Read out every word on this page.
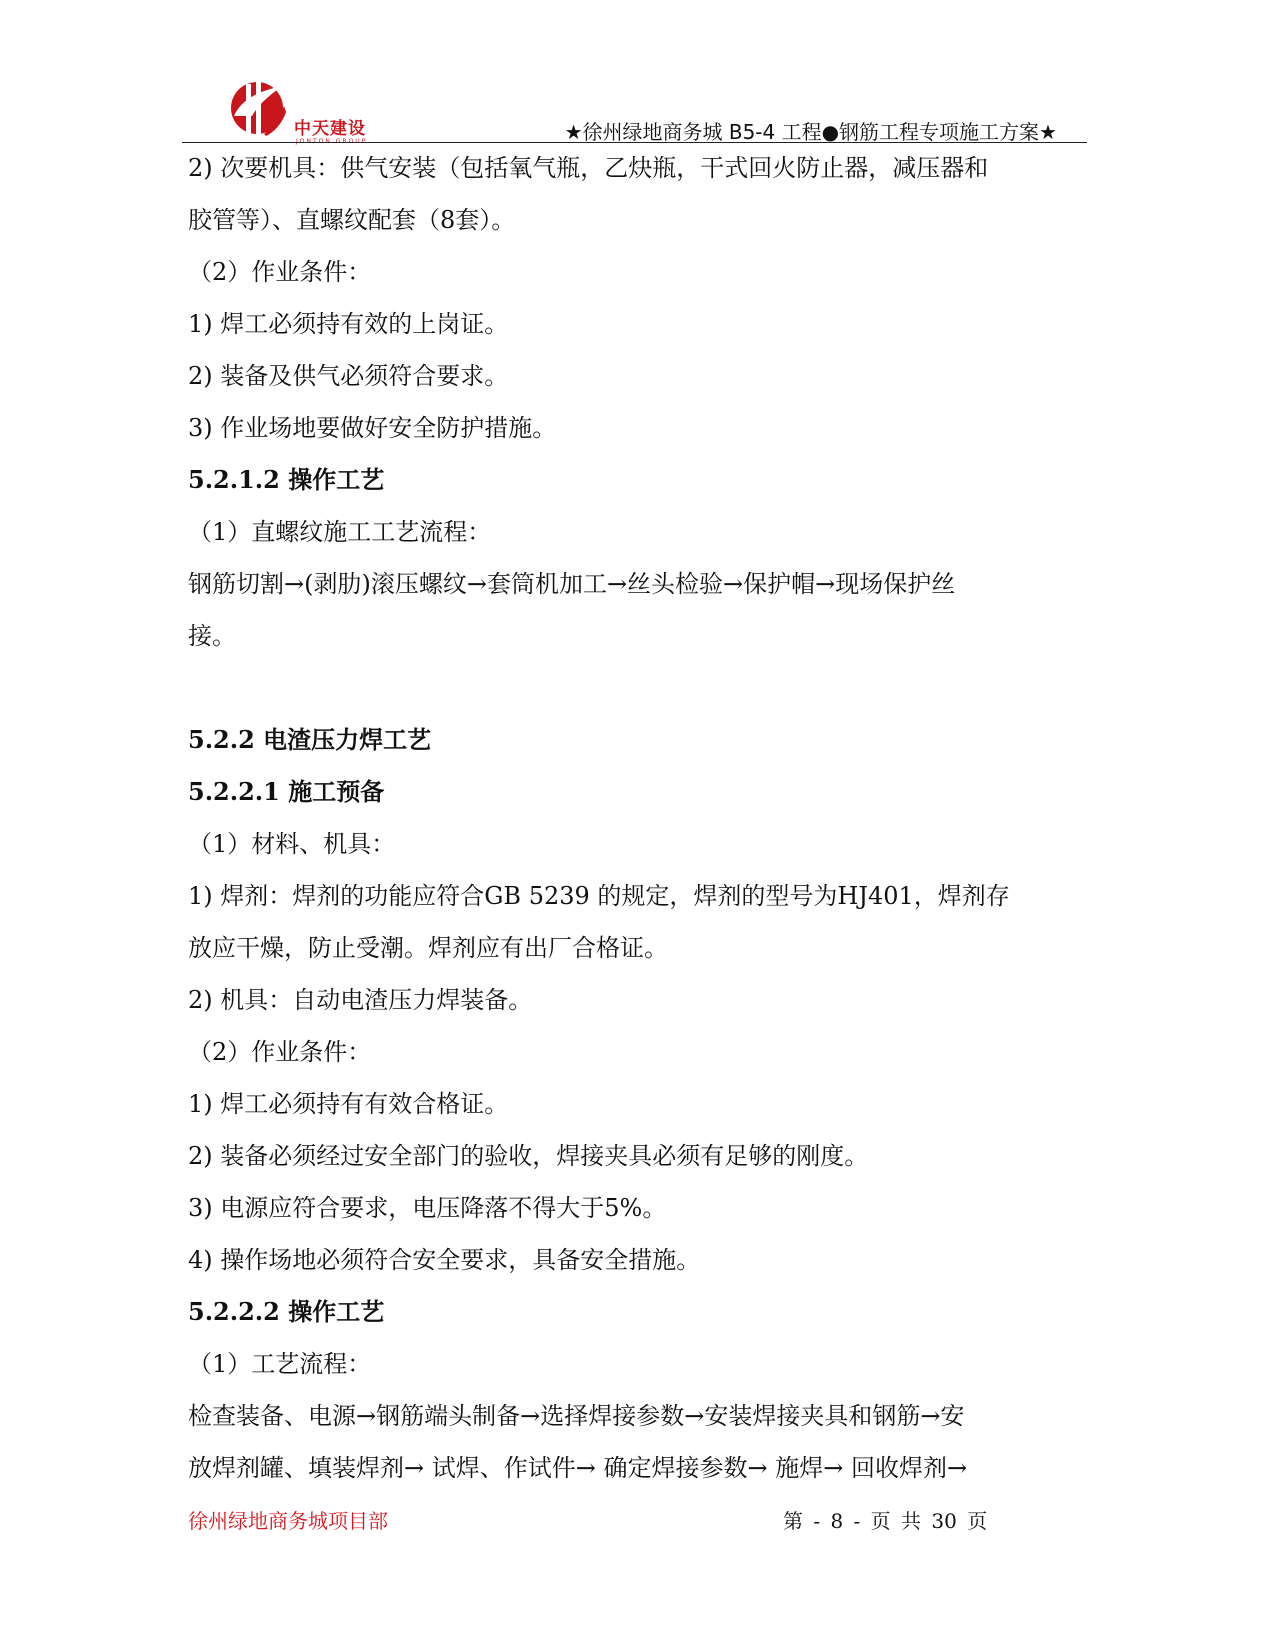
中天建设
JONTON GROUP	★徐州绿地商务城 B5-4 工程●钢筋工程专项施工方案★
2) 次要机具：供气安装（包括氧气瓶，乙炔瓶，干式回火防止器，减压器和
胶管等）、直螺纹配套（8套）。
（2）作业条件：
1) 焊工必须持有效的上岗证。
2) 装备及供气必须符合要求。
3) 作业场地要做好安全防护措施。
5.2.1.2 操作工艺
（1）直螺纹施工工艺流程：
钢筋切割→(剥肋)滚压螺纹→套筒机加工→丝头检验→保护帽→现场保护丝
接。
5.2.2 电渣压力焊工艺
5.2.2.1 施工预备
（1）材料、机具：
1) 焊剂：焊剂的功能应符合GB 5239 的规定，焊剂的型号为HJ401，焊剂存
放应干燥，防止受潮。焊剂应有出厂合格证。
2) 机具：自动电渣压力焊装备。
（2）作业条件：
1) 焊工必须持有有效合格证。
2) 装备必须经过安全部门的验收，焊接夹具必须有足够的刚度。
3) 电源应符合要求，电压降落不得大于5%。
4) 操作场地必须符合安全要求，具备安全措施。
5.2.2.2 操作工艺
（1）工艺流程：
检查装备、电源→钢筋端头制备→选择焊接参数→安装焊接夹具和钢筋→安
放焊剂罐、填装焊剂→ 试焊、作试件→ 确定焊接参数→ 施焊→ 回收焊剂→
徐州绿地商务城项目部	第 - 8 - 页 共 30 页
